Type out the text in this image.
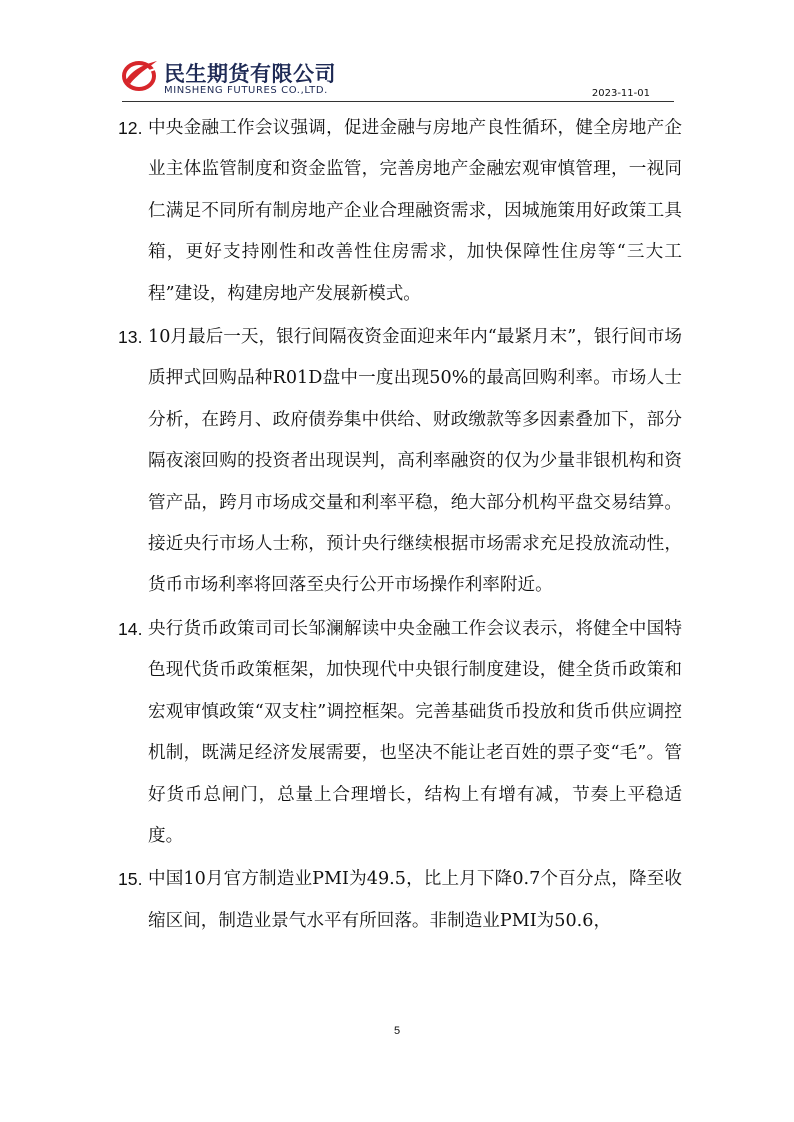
民生期货有限公司
MINSHENG FUTURES CO.,LTD.	2023-11-01
12. 中央金融工作会议强调，促进金融与房地产良性循环，健全房地产企业主体监管制度和资金监管，完善房地产金融宏观审慎管理，一视同仁满足不同所有制房地产企业合理融资需求，因城施策用好政策工具箱，更好支持刚性和改善性住房需求，加快保障性住房等“三大工程”建设，构建房地产发展新模式。
13. 10月最后一天，银行间隔夜资金面迎来年内“最紧月末”，银行间市场质押式回购品种R01D盘中一度出现50%的最高回购利率。市场人士分析，在跨月、政府债券集中供给、财政缴款等多因素叠加下，部分隔夜滚回购的投资者出现误判，高利率融资的仅为少量非银机构和资管产品，跨月市场成交量和利率平稳，绝大部分机构平盘交易结算。接近央行市场人士称，预计央行继续根据市场需求充足投放流动性，货币市场利率将回落至央行公开市场操作利率附近。
14. 央行货币政策司司长邹澜解读中央金融工作会议表示，将健全中国特色现代货币政策框架，加快现代中央银行制度建设，健全货币政策和宏观审慎政策“双支柱”调控框架。完善基础货币投放和货币供应调控机制，既满足经济发展需要，也坚决不能让老百姓的票子变“毛”。管好货币总闸门，总量上合理增长，结构上有增有减，节奏上平稳适度。
15. 中国10月官方制造业PMI为49.5，比上月下降0.7个百分点，降至收缩区间，制造业景气水平有所回落。非制造业PMI为50.6，
5
